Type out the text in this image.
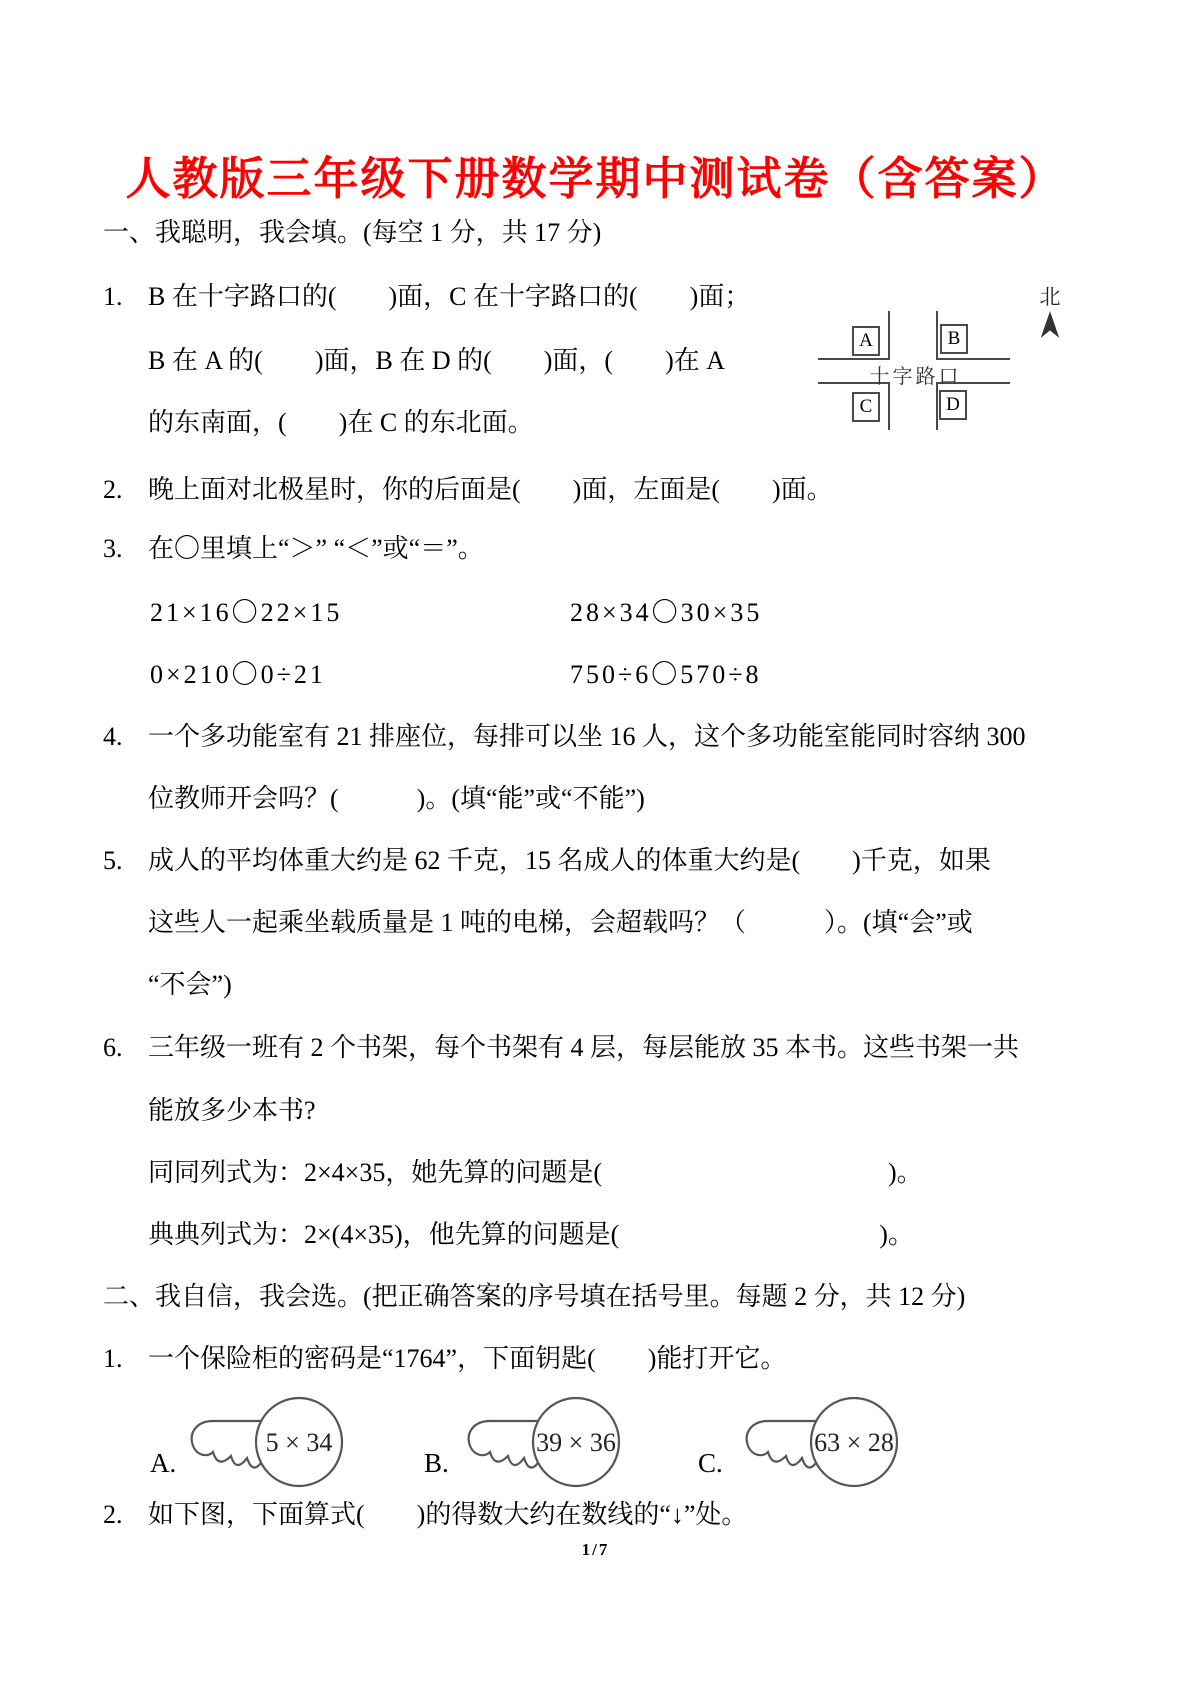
人教版三年级下册数学期中测试卷（含答案）
一、我聪明，我会填。(每空 1 分，共 17 分)
1. B 在十字路口的(　　)面，C 在十字路口的(　　)面；
B 在 A 的(　　)面，B 在 D 的(　　)面，(　　)在 A
的东南面，(　　)在 C 的东北面。
A	B
C	D
十字路口
北
2. 晚上面对北极星时，你的后面是(　　)面，左面是(　　)面。
3. 在〇里填上“＞” “＜”或“＝”。
21×16〇22×15	28×34〇30×35
0×210〇0÷21	750÷6〇570÷8
4. 一个多功能室有 21 排座位，每排可以坐 16 人，这个多功能室能同时容纳 300
位教师开会吗？(　　　)。(填“能”或“不能”)
5. 成人的平均体重大约是 62 千克，15 名成人的体重大约是(　　)千克，如果
这些人一起乘坐载质量是 1 吨的电梯，会超载吗？（　　　）。(填“会”或
“不会”)
6. 三年级一班有 2 个书架，每个书架有 4 层，每层能放 35 本书。这些书架一共
能放多少本书?
同同列式为：2×4×35，她先算的问题是(　　　　　　　　　　　)。
典典列式为：2×(4×35)，他先算的问题是(　　　　　　　　　　)。
二、我自信，我会选。(把正确答案的序号填在括号里。每题 2 分，共 12 分)
1. 一个保险柜的密码是“1764”，下面钥匙(　　)能打开它。
A.
5 × 34
B.
39 × 36
C.
63 × 28
2. 如下图，下面算式(　　)的得数大约在数线的“↓”处。
1/7
